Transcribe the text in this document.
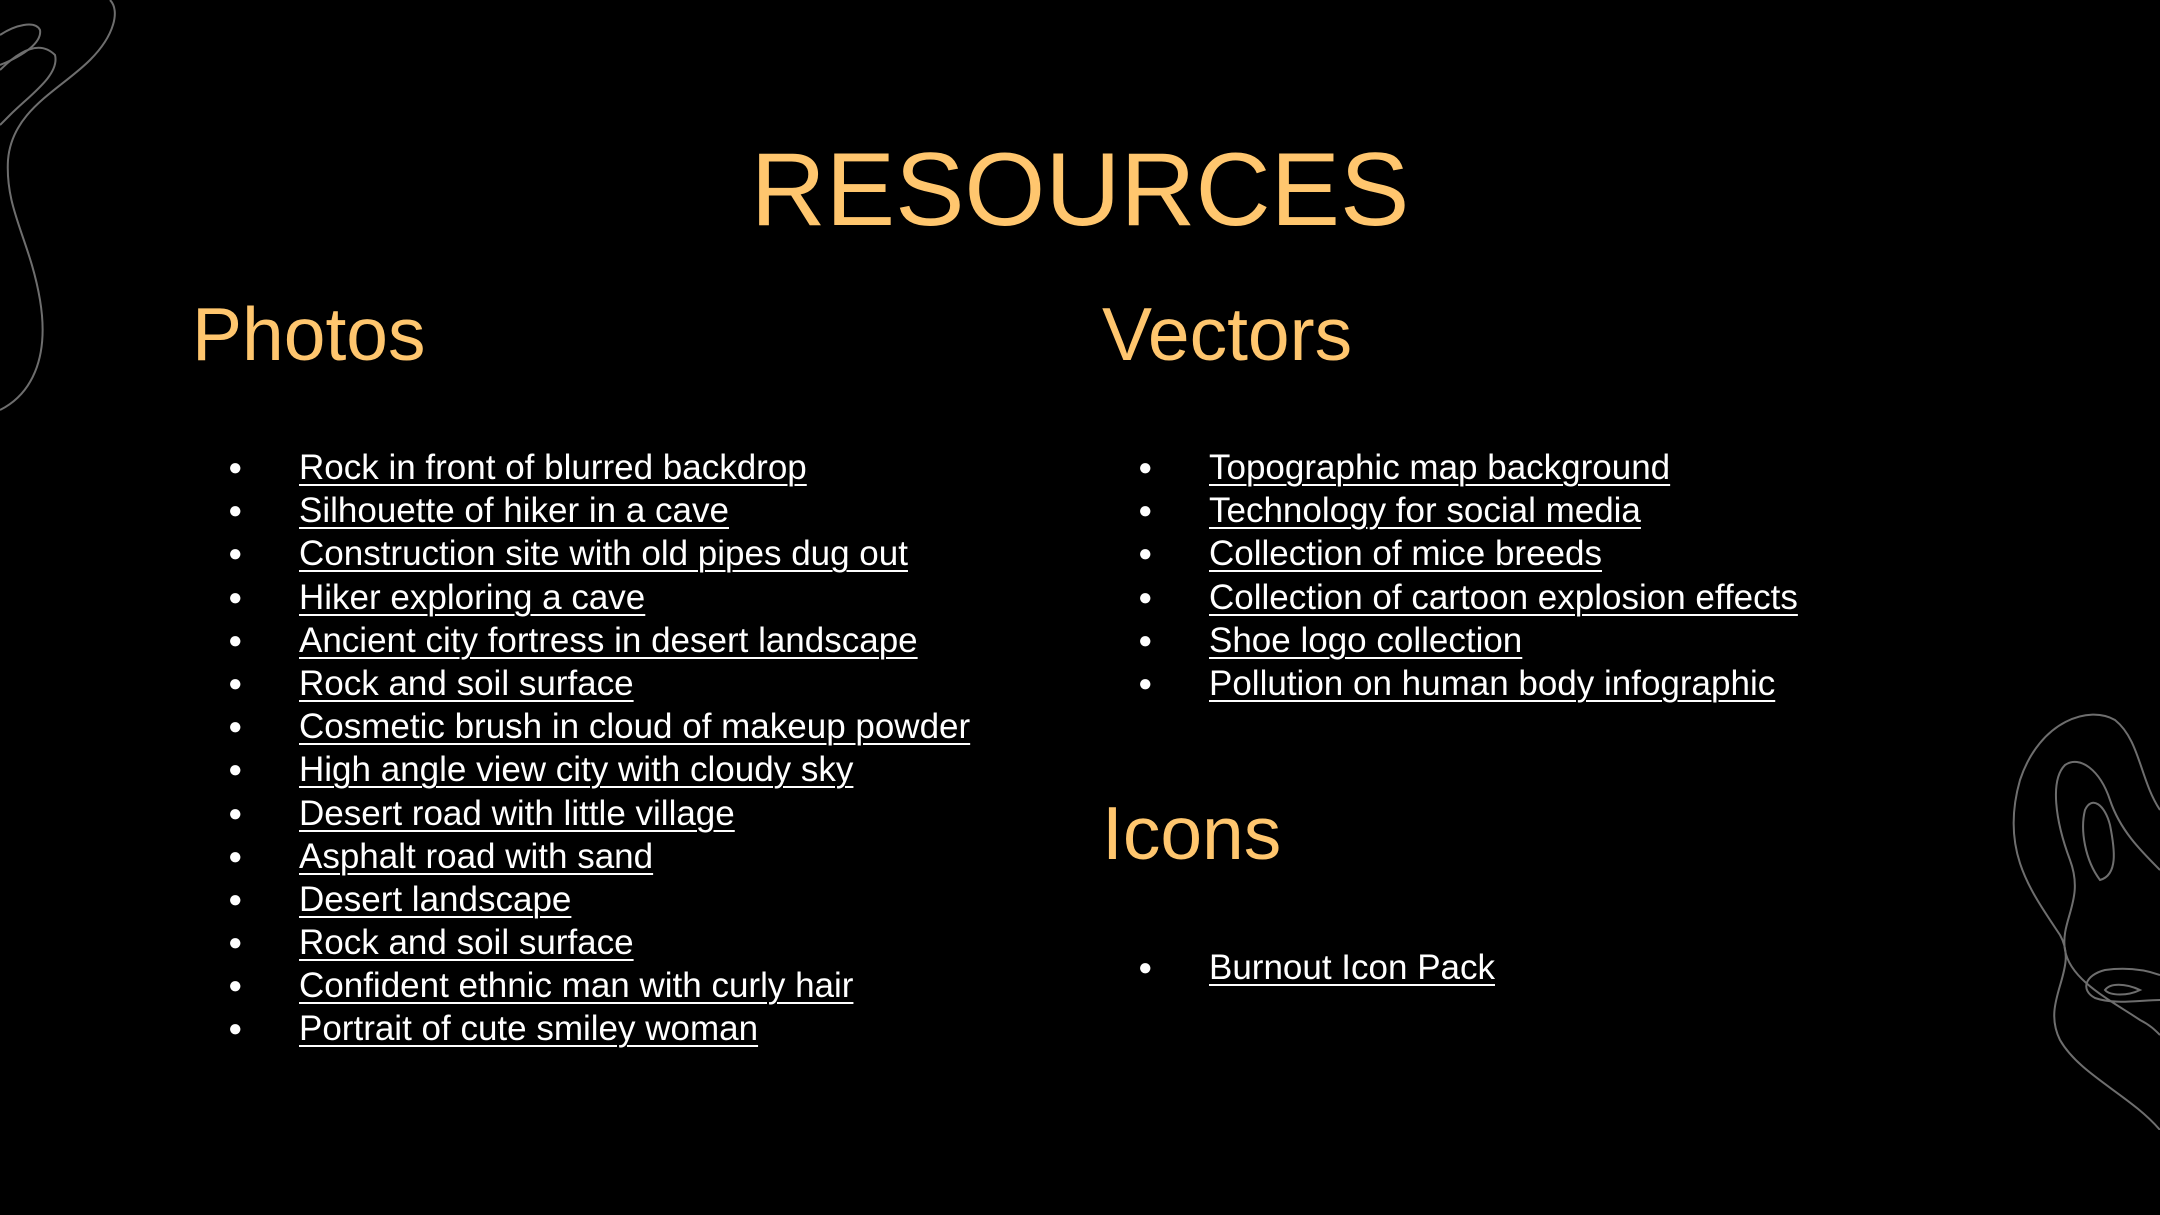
RESOURCES
Photos
● Rock in front of blurred backdrop
● Silhouette of hiker in a cave
● Construction site with old pipes dug out
● Hiker exploring a cave
● Ancient city fortress in desert landscape
● Rock and soil surface
● Cosmetic brush in cloud of makeup powder
● High angle view city with cloudy sky
● Desert road with little village
● Asphalt road with sand
● Desert landscape
● Rock and soil surface
● Confident ethnic man with curly hair
● Portrait of cute smiley woman
Vectors
● Topographic map background
● Technology for social media
● Collection of mice breeds
● Collection of cartoon explosion effects
● Shoe logo collection
● Pollution on human body infographic
Icons
● Burnout Icon Pack
